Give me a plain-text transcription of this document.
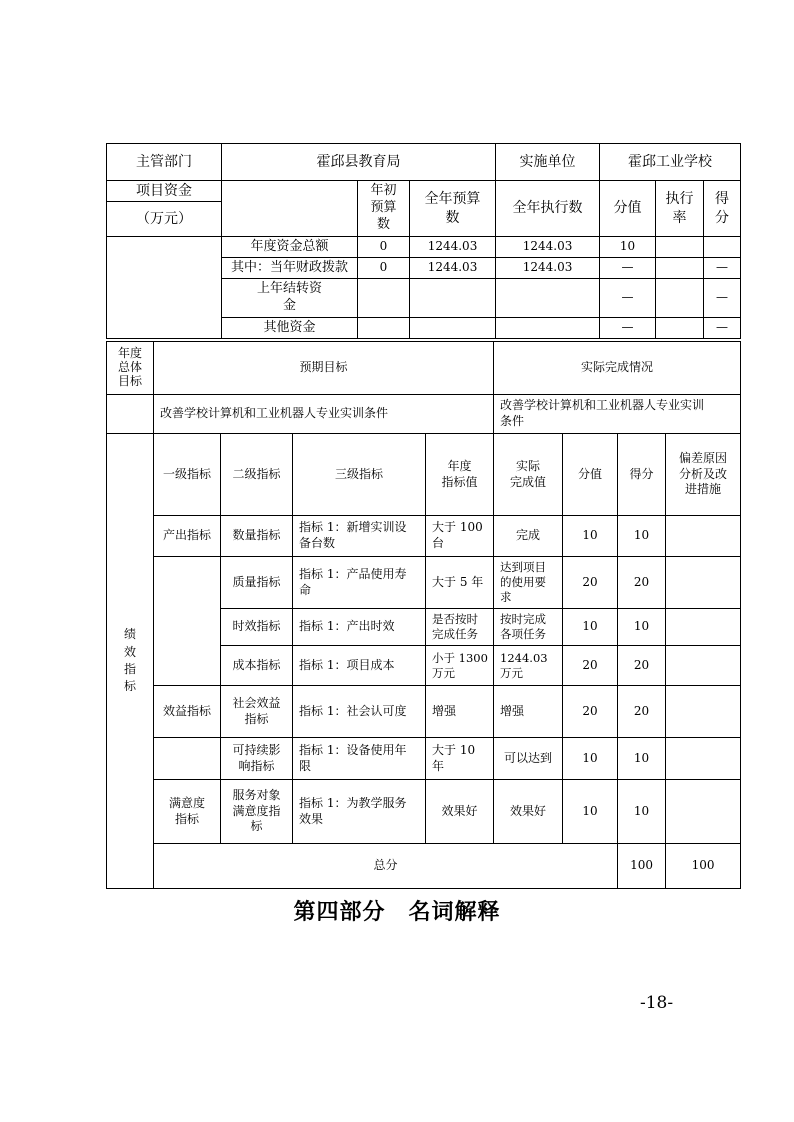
主管部门	霍邱县教育局			实施单位	霍邱工业学校		
项目资金		年初
预算
数	全年预算
数	全年执行数	分值	执行
率	得
分
（万元）							
	年度资金总额	0	1244.03	1244.03	10		
	其中：当年财政拨款	0	1244.03	1244.03	—		—
	上年结转资
金				—		—
	其他资金				—		—
年度
总体
目标	预期目标				实际完成情况				
	改善学校计算机和工业机器人专业实训条件				改善学校计算机和工业机器人专业实训
条件				
绩
效
指
标	一级指标	二级指标	三级指标	年度
指标值	实际
完成值	分值	得分	偏差原因
分析及改
进措施	
	产出指标	数量指标	指标 1：新增实训设
备台数	大于 100
台	完成	10	10		
		质量指标	指标 1：产品使用寿
命	大于 5 年	达到项目
的使用要
求	20	20		
		时效指标	指标 1：产出时效	是否按时
完成任务	按时完成
各项任务	10	10		
		成本指标	指标 1：项目成本	小于 1300
万元	1244.03
万元	20	20		
	效益指标	社会效益
指标	指标 1：社会认可度	增强	增强	20	20		
		可持续影
响指标	指标 1：设备使用年
限	大于 10
年	可以达到	10	10		
	满意度
指标	服务对象
满意度指
标	指标 1：为教学服务
效果	效果好	效果好	10	10		
	总分						100	100	
第四部分　名词解释
-18-
